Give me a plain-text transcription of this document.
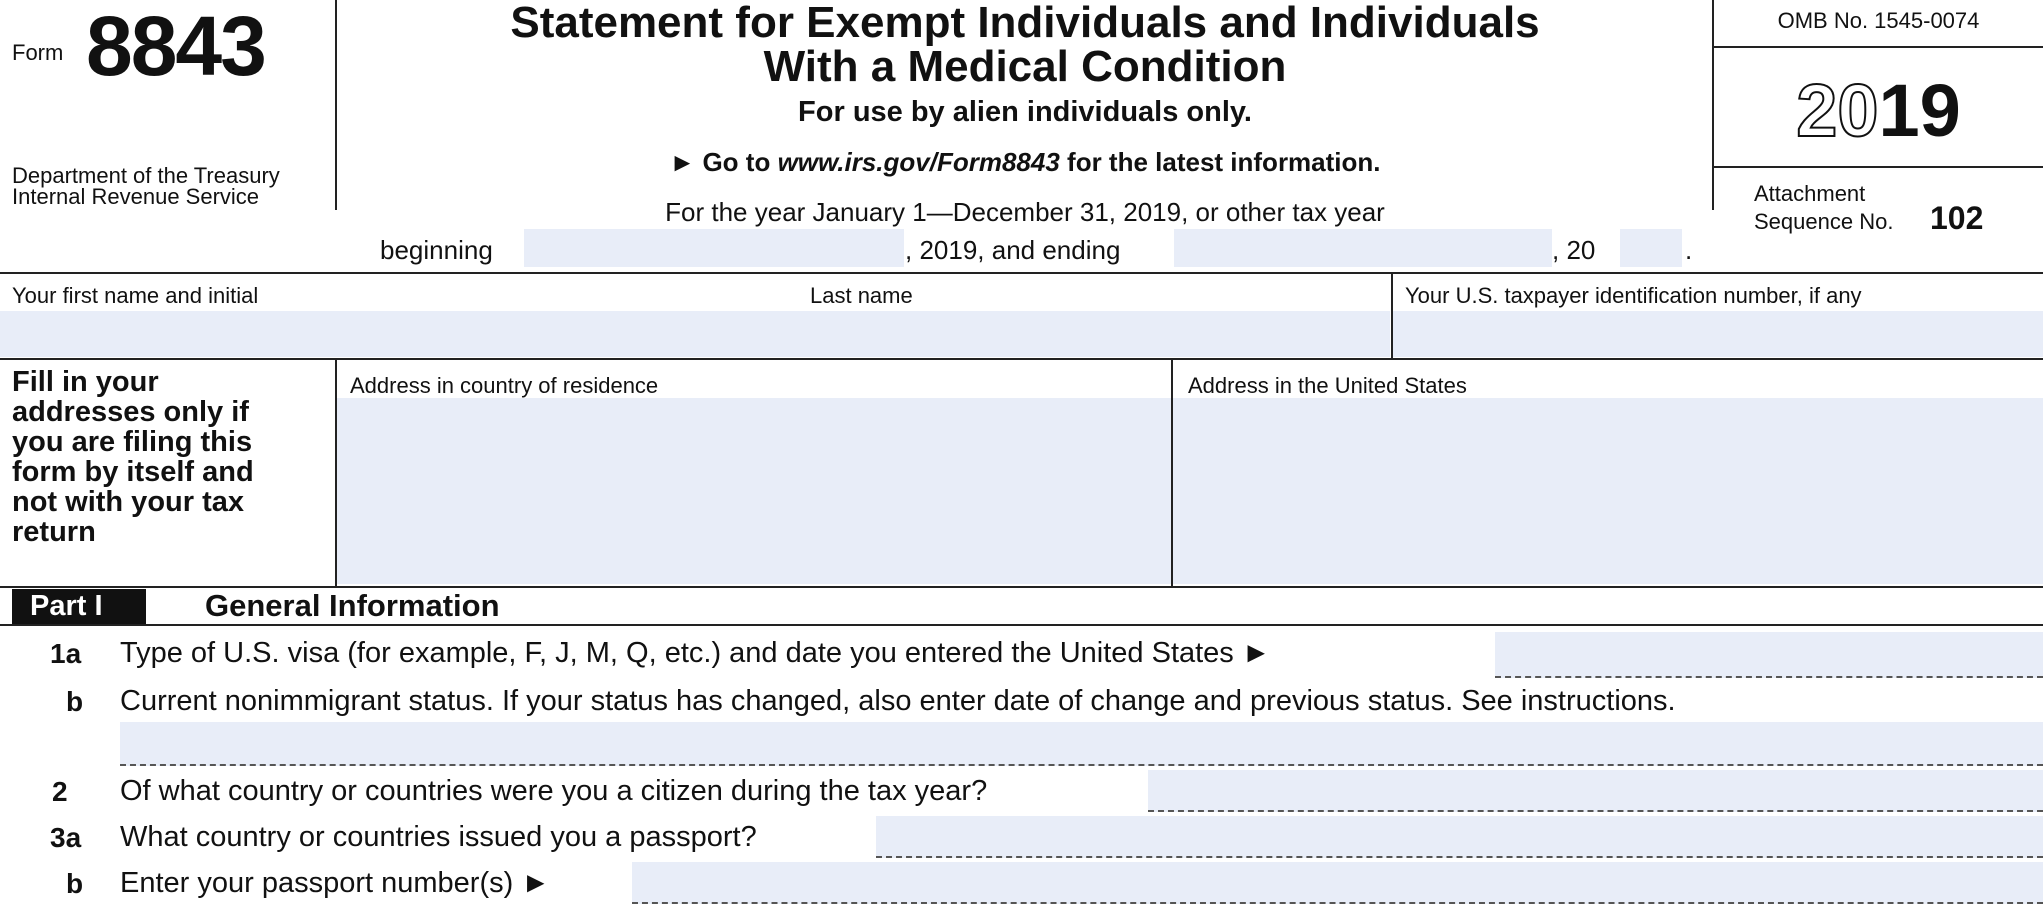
Form 8843
Department of the Treasury
Internal Revenue Service
Statement for Exempt Individuals and Individuals
With a Medical Condition
For use by alien individuals only.
► Go to www.irs.gov/Form8843 for the latest information.
For the year January 1—December 31, 2019, or other tax year
beginning	, 2019, and ending	, 20	.
OMB No. 1545-0074
2019
Attachment
Sequence No. 102
Your first name and initial	Last name	Your U.S. taxpayer identification number, if any
Fill in your
addresses only if
you are filing this
form by itself and
not with your tax
return
Address in country of residence	Address in the United States
Part I	General Information
1a Type of U.S. visa (for example, F, J, M, Q, etc.) and date you entered the United States ►
b Current nonimmigrant status. If your status has changed, also enter date of change and previous status. See instructions.
2 Of what country or countries were you a citizen during the tax year?
3a What country or countries issued you a passport?
b Enter your passport number(s) ►
